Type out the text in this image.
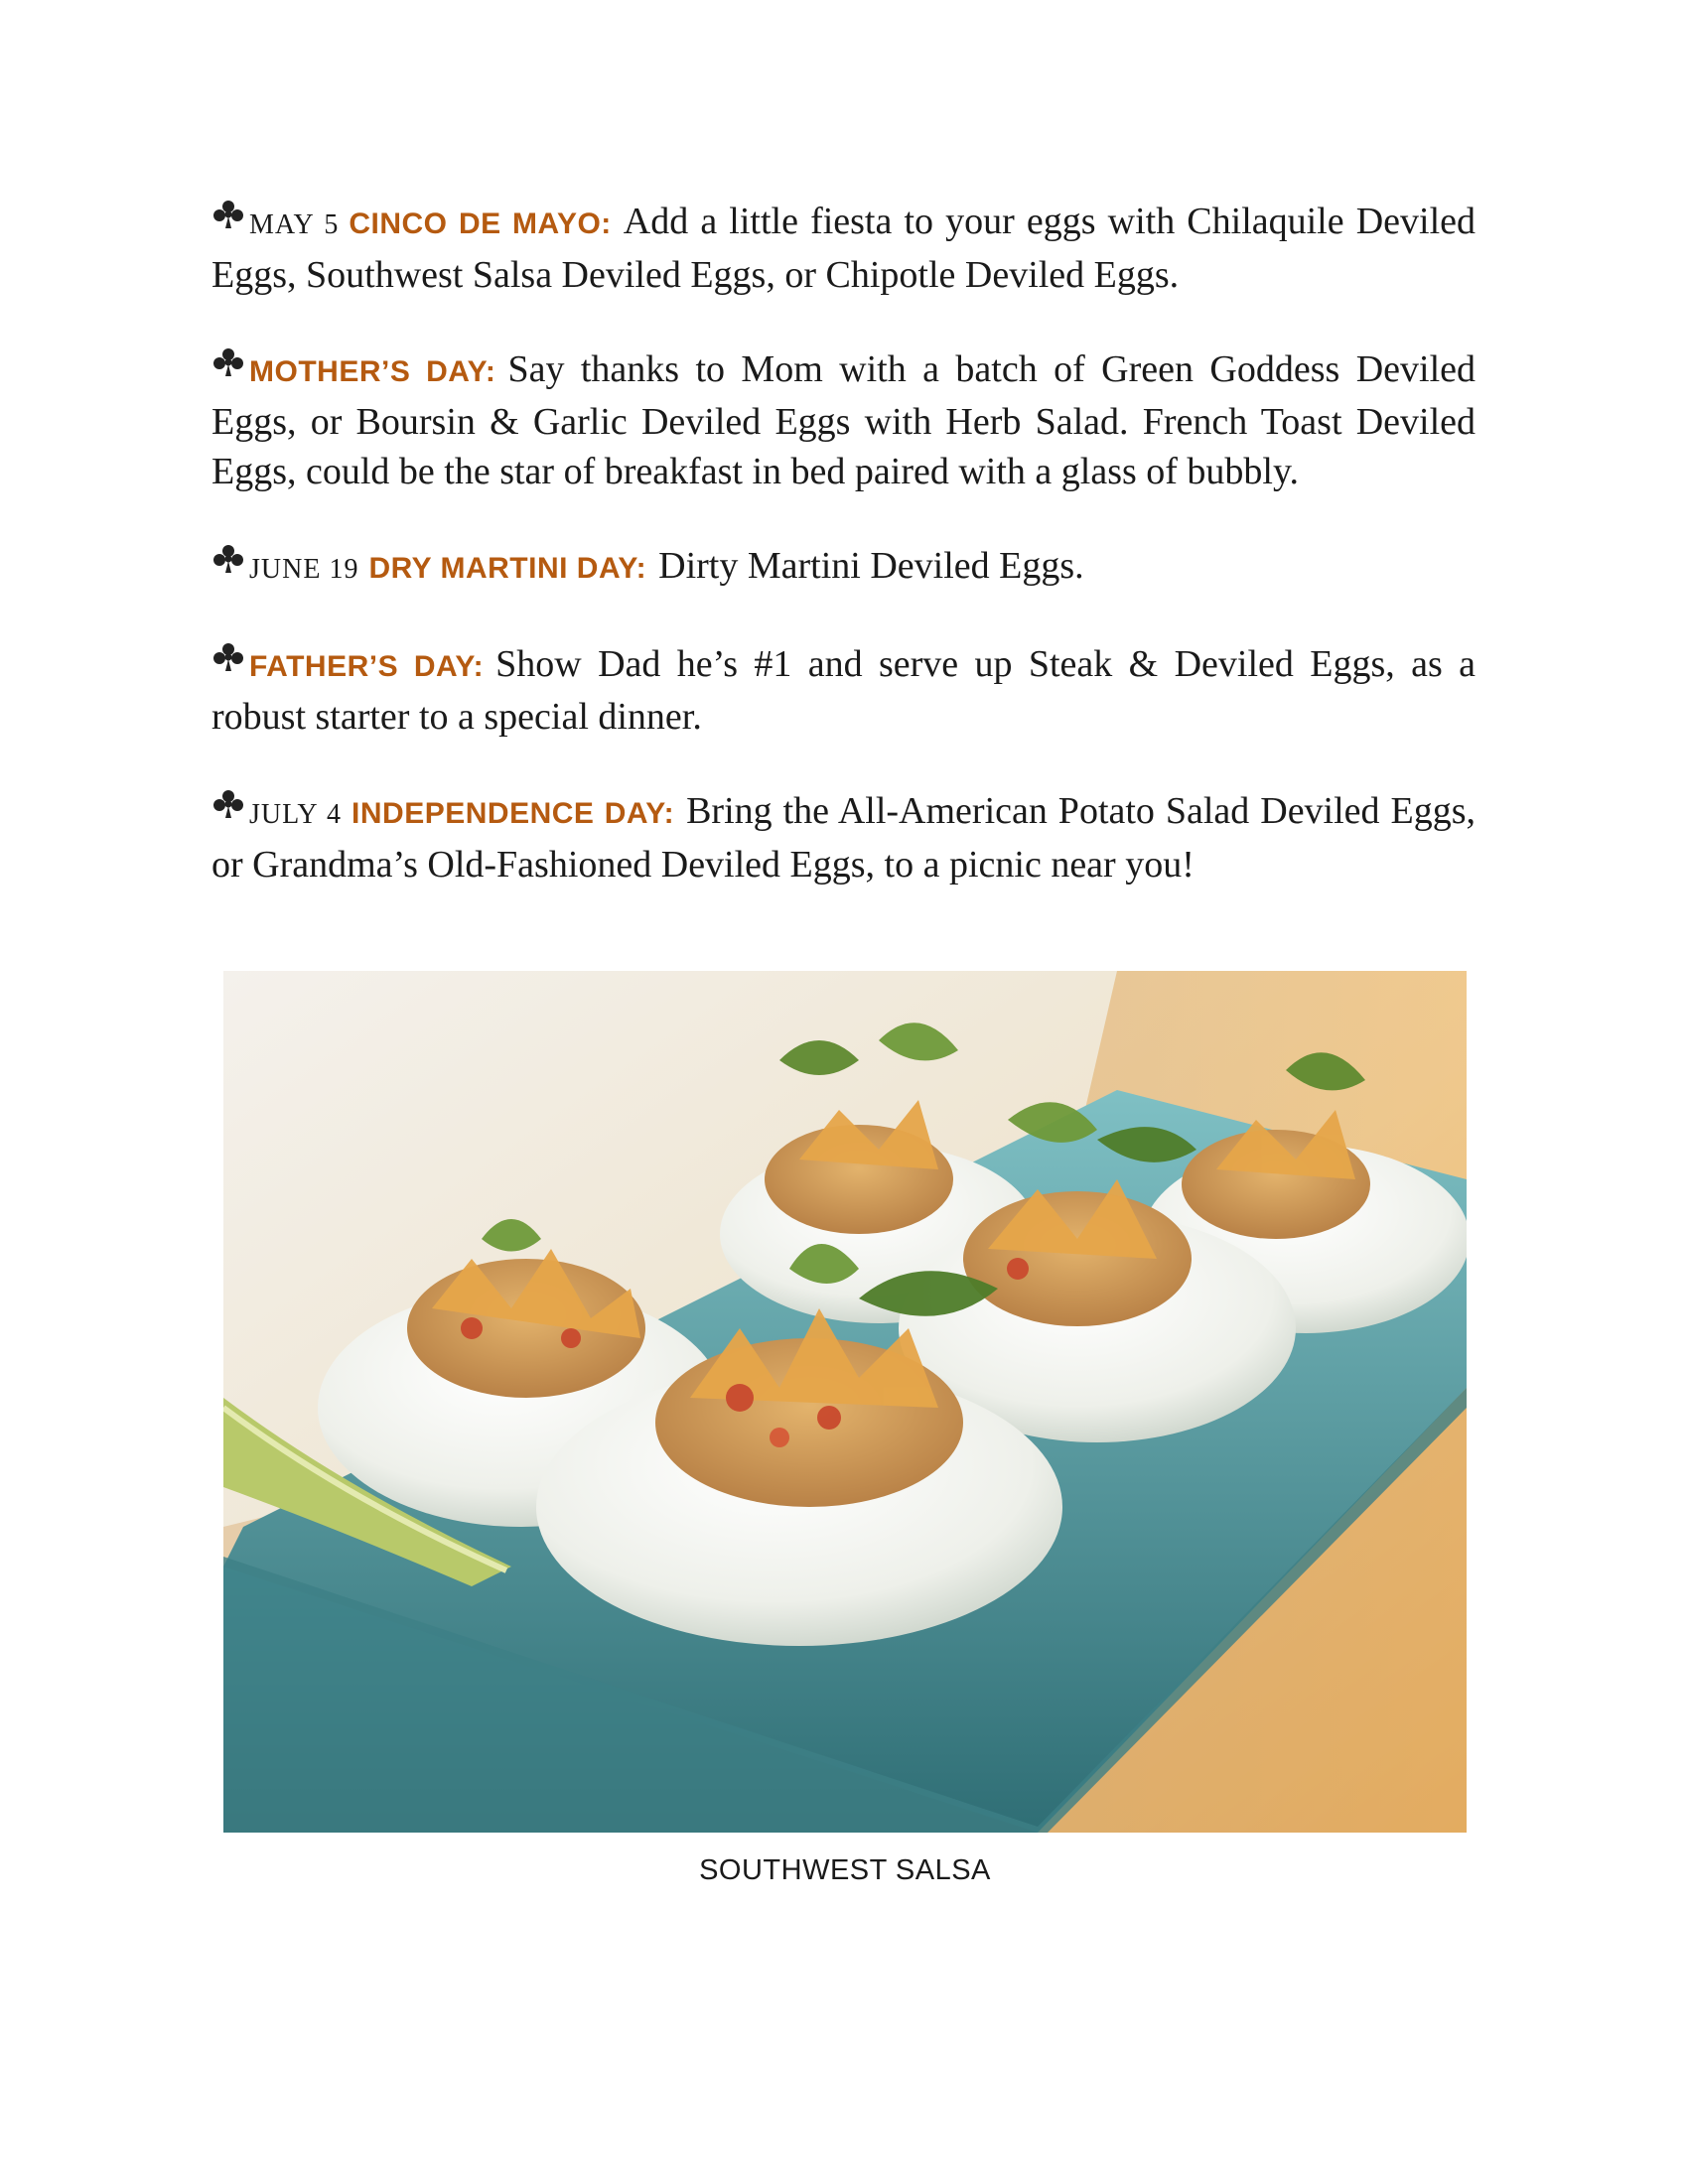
MAY 5 CINCO DE MAYO: Add a little fiesta to your eggs with Chilaquile Deviled Eggs, Southwest Salsa Deviled Eggs, or Chipotle Deviled Eggs.

MOTHER’S DAY: Say thanks to Mom with a batch of Green Goddess Deviled Eggs, or Boursin & Garlic Deviled Eggs with Herb Salad. French Toast Deviled Eggs, could be the star of breakfast in bed paired with a glass of bubbly.

JUNE 19 DRY MARTINI DAY: Dirty Martini Deviled Eggs.

FATHER’S DAY: Show Dad he’s #1 and serve up Steak & Deviled Eggs, as a robust starter to a special dinner.

JULY 4 INDEPENDENCE DAY: Bring the All-American Potato Salad Deviled Eggs, or Grandma’s Old-Fashioned Deviled Eggs, to a picnic near you!

SOUTHWEST SALSA
